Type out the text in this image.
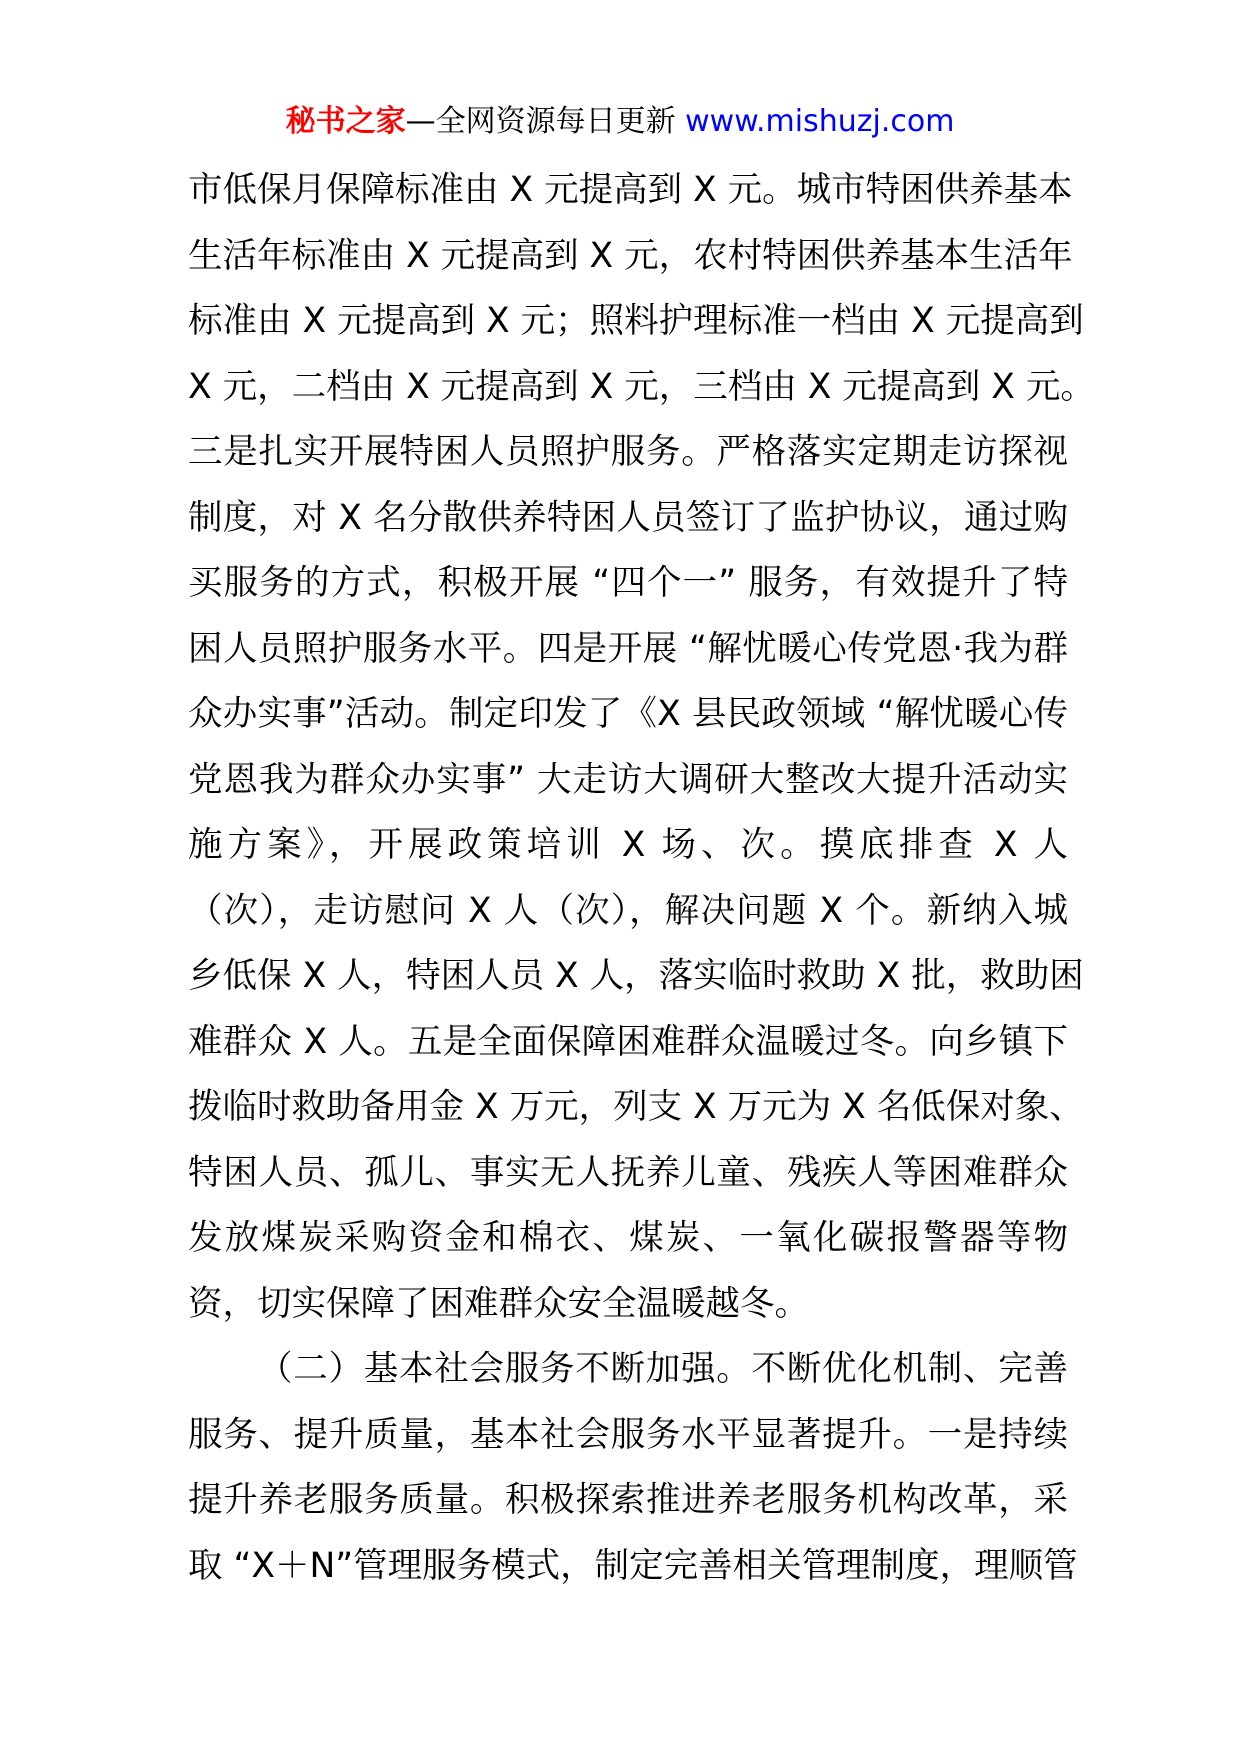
秘书之家—全网资源每日更新 www.mishuzj.com
市低保月保障标准由 X 元提高到 X 元。城市特困供养基本
生活年标准由 X 元提高到 X 元，农村特困供养基本生活年
标准由 X 元提高到 X 元；照料护理标准一档由 X 元提高到
X 元，二档由 X 元提高到 X 元，三档由 X 元提高到 X 元。
三是扎实开展特困人员照护服务。严格落实定期走访探视
制度，对 X 名分散供养特困人员签订了监护协议，通过购
买服务的方式，积极开展 “四个一” 服务，有效提升了特
困人员照护服务水平。四是开展 “解忧暖心传党恩·我为群
众办实事”活动。制定印发了《X 县民政领域 “解忧暖心传
党恩我为群众办实事” 大走访大调研大整改大提升活动实
施方案》，开展政策培训 X 场、次。摸底排查 X 人
（次），走访慰问 X 人（次），解决问题 X 个。新纳入城
乡低保 X 人，特困人员 X 人，落实临时救助 X 批，救助困
难群众 X 人。五是全面保障困难群众温暖过冬。向乡镇下
拨临时救助备用金 X 万元，列支 X 万元为 X 名低保对象、
特困人员、孤儿、事实无人抚养儿童、残疾人等困难群众
发放煤炭采购资金和棉衣、煤炭、一氧化碳报警器等物
资，切实保障了困难群众安全温暖越冬。
（二）基本社会服务不断加强。不断优化机制、完善
服务、提升质量，基本社会服务水平显著提升。一是持续
提升养老服务质量。积极探索推进养老服务机构改革，采
取 “X＋N”管理服务模式，制定完善相关管理制度，理顺管
